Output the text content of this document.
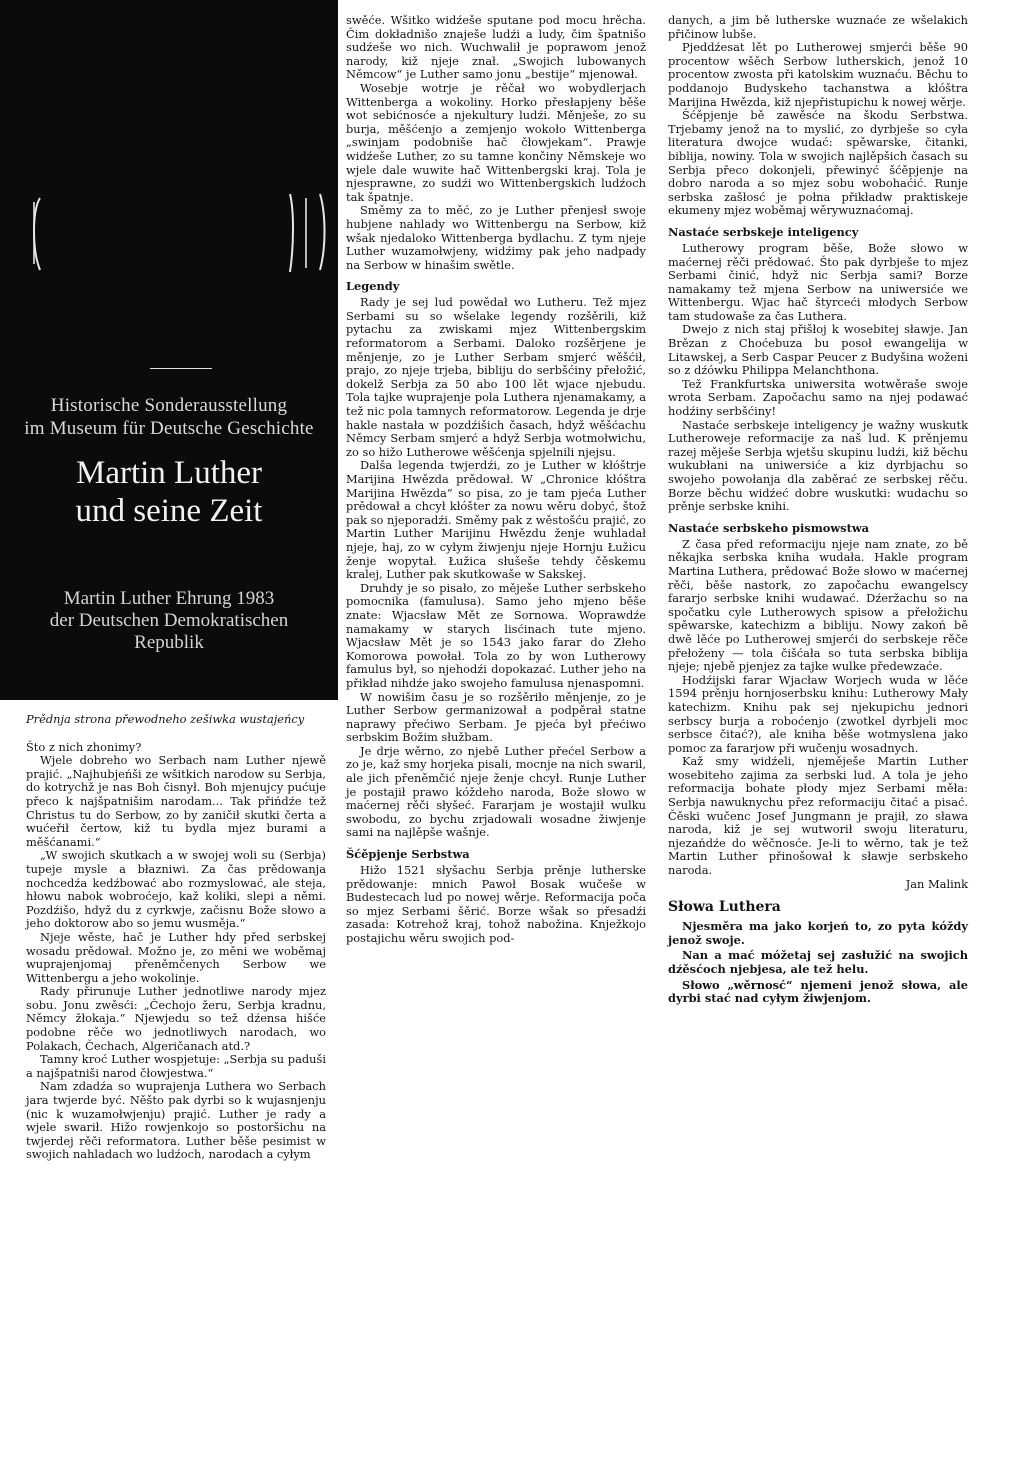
Historische Sonderausstellung
im Museum für Deutsche Geschichte
Martin Luther
und seine Zeit
Martin Luther Ehrung 1983
der Deutschen Demokratischen
Republik

Prědnja strona přewodneho zešiwka wustajeńcy

Što z nich zhonimy?

Wjele dobreho wo Serbach nam Luther njewě prajić. „Najhubjeńši ze wšitkich narodow su Serbja, do kotrychž je nas Boh čisnył. Boh mjenujcy pućuje přeco k najšpatnišim narodam... Tak přińdźe tež Christus tu do Serbow, zo by zaničił skutki čerta a wućeřił čertow, kiž tu bydla mjez burami a měšćanami.“

„W swojich skutkach a w swojej woli su (Serbja) tupeje mysle a błazniwi. Za čas prědowanja nochcedźa kedźbować abo rozmyslować, ale steja, hłowu nabok wobroćejo, kaž koliki, slepi a němi. Pozdźišo, hdyž du z cyrkwje, začisnu Bože słowo a jeho doktorow abo so jemu wusměja.“

Njeje wěste, hač je Luther hdy před serbskej wosadu prědował. Možno je, zo měni we woběmaj wuprajenjomaj přeněmčenych Serbow we Wittenbergu a jeho wokolinje.

Rady přirunuje Luther jednotliwe narody mjez sobu. Jonu zwěsći: „Čechojo žeru, Serbja kradnu, Němcy žłokaja.“ Njewjedu so tež dźensa hišće podobne rěče wo jednotliwych narodach, wo Polakach, Čechach, Algeričanach atd.?

Tamny kroć Luther wospjetuje: „Serbja su paduši a najšpatniši narod čłowjestwa.“

Nam zdadźa so wuprajenja Luthera wo Serbach jara twjerde być. Něšto pak dyrbi so k wujasnjenju (nic k wuzamołwjenju) prajić. Luther je rady a wjele swarił. Hižo rowjenkojo so postoršichu na twjerdej rěči reformatora. Luther běše pesimist w swojich nahladach wo ludźoch, narodach a cyłym

swěće. Wšitko widźeše sputane pod mocu hrěcha. Čim dokładnišo znaješe ludźi a ludy, čim špatnišo sudźeše wo nich. Wuchwalił je poprawom jenož narody, kiž njeje znał. „Swojich lubowanych Němcow“ je Luther samo jonu „bestije“ mjenował.

Wosebje wotrje je rěčał wo wobydlerjach Wittenberga a wokoliny. Horko přesłapjeny běše wot sebićnosće a njekultury ludźi. Měnješe, zo su burja, měšćenjo a zemjenjo wokoło Wittenberga „swinjam podobniše hač čłowjekam“. Prawje widźeše Luther, zo su tamne končiny Němskeje wo wjele dale wuwite hač Wittenbergski kraj. Tola je njesprawne, zo sudźi wo Wittenbergskich ludźoch tak špatnje.

Směmy za to měć, zo je Luther přenjesł swoje hubjene nahlady wo Wittenbergu na Serbow, kiž wšak njedaloko Wittenberga bydlachu. Z tym njeje Luther wuzamołwjeny, widźimy pak jeho nadpady na Serbow w hinašim swětle.

Legendy

Rady je sej lud powědał wo Lutheru. Tež mjez Serbami su so wšelake legendy rozšěrili, kiž pytachu za zwiskami mjez Wittenbergskim reformatorom a Serbami. Daloko rozšěrjene je měnjenje, zo je Luther Serbam smjerć wěšćił, prajo, zo njeje trjeba, bibliju do serbšćiny přełožić, dokelž Serbja za 50 abo 100 lět wjace njebudu. Tola tajke wuprajenje pola Luthera njenamakamy, a tež nic pola tamnych reformatorow. Legenda je drje hakle nastała w pozdźišich časach, hdyž wěšćachu Němcy Serbam smjerć a hdyž Serbja wotmołwichu, zo so hižo Lutherowe wěšćenja spjelnili njejsu.

Dalša legenda twjerdźi, zo je Luther w kłóštrje Marijina Hwězda prědował. W „Chronice kłóštra Marijina Hwězda“ so pisa, zo je tam pjeća Luther prědował a chcył kłóšter za nowu wěru dobyć, štož pak so njeporadźi. Směmy pak z wěstošću prajić, zo Martin Luther Marijinu Hwězdu ženje wuhladał njeje, haj, zo w cyłym žiwjenju njeje Hornju Łužicu ženje wopytał. Łužica słušeše tehdy čěskemu kralej, Luther pak skutkowaše w Sakskej.

Druhdy je so pisało, zo měješe Luther serbskeho pomocnika (famulusa). Samo jeho mjeno běše znate: Wjacsław Mět ze Sornowa. Woprawdźe namakamy w starych lisćinach tute mjeno. Wjacsław Mět je so 1543 jako farar do Złeho Komorowa powołał. Tola zo by won Lutherowy famulus był, so njehodźi dopokazać. Luther jeho na přikład nihdźe jako swojeho famulusa njenaspomni.

W nowišim času je so rozšěriło měnjenje, zo je Luther Serbow germanizował a podpěrał statne naprawy přećiwo Serbam. Je pjeća był přećiwo serbskim Božim słužbam.

Je drje wěrno, zo njebě Luther přećel Serbow a zo je, kaž smy horjeka pisali, mocnje na nich swaril, ale jich přeněmčić njeje ženje chcył. Runje Luther je postajił prawo kóždeho naroda, Bože słowo w maćernej rěči słyšeć. Fararjam je wostajił wulku swobodu, zo bychu zrjadowali wosadne žiwjenje sami na najlěpše wašnje.

Šćěpjenje Serbstwa

Hižo 1521 słyšachu Serbja prěnje lutherske prědowanje: mnich Pawoł Bosak wučeše w Budestecach lud po nowej wěrje. Reformacija poča so mjez Serbami šěrić. Borze wšak so přesadźi zasada: Kotrehož kraj, tohož nabožina. Knježkojo postajichu wěru swojich pod-

danych, a jim bě lutherske wuznaće ze wšelakich přičinow lubše.

Pjeddźesat lět po Lutherowej smjerći běše 90 procentow wšěch Serbow lutherskich, jenož 10 procentow zwosta při katolskim wuznaću. Běchu to poddanojo Budyskeho tachanstwa a kłóštra Marijina Hwězda, kiž njepřistupichu k nowej wěrje.

Šćěpjenje bě zawěsće na škodu Serbstwa. Trjebamy jenož na to myslić, zo dyrbješe so cyła literatura dwojce wudać: spěwarske, čitanki, biblija, nowiny. Tola w swojich najlěpšich časach su Serbja přeco dokonjeli, přewinyć šćěpjenje na dobro naroda a so mjez sobu wobohaćić. Runje serbska zašłosć je połna přikładw praktiskeje ekumeny mjez woběmaj wěrywuznaćomaj.

Nastaće serbskeje inteligency

Lutherowy program běše, Bože słowo w maćernej rěči prědować. Što pak dyrbješe to mjez Serbami činić, hdyž nic Serbja sami? Borze namakamy tež mjena Serbow na uniwersiće we Wittenbergu. Wjac hač štyrceći młodych Serbow tam studowaše za čas Luthera.

Dwejo z nich staj přišłoj k wosebitej sławje. Jan Brězan z Choćebuza bu posoł ewangelija w Litawskej, a Serb Caspar Peucer z Budyšina woženi so z dźówku Philippa Melanchthona.

Tež Frankfurtska uniwersita wotwěraše swoje wrota Serbam. Započachu samo na njej podawać hodźiny serbšćiny!

Nastaće serbskeje inteligency je wažny wuskutk Lutheroweje reformacije za naš lud. K prěnjemu razej měješe Serbja wjetšu skupinu ludźi, kiž běchu wukubłani na uniwersiće a kiz dyrbjachu so swojeho powołanja dla zaběrać ze serbskej rěču. Borze běchu widźeć dobre wuskutki: wudachu so prěnje serbske knihi.

Nastaće serbskeho pismowstwa

Z časa před reformaciju njeje nam znate, zo bě někajka serbska kniha wudała. Hakle program Martina Lutherа, prědować Bože słowo w maćernej rěči, běše nastork, zo započachu ewangelscy fararjo serbske knihi wudawać. Dźeržachu so na spočatku cyle Lutherowych spisow a přełožichu spěwarske, katechizm a bibliju. Nowy zakoń bě dwě lěće po Lutherowej smjerći do serbskeje rěče přełoženy — tola čišćała so tuta serbska biblija njeje; njebě pjenjez za tajke wulke předewzaće.

Hodźijski farar Wjacław Worjech wuda w lěće 1594 prěnju hornjoserbsku knihu: Lutherowy Mały katechizm. Knihu pak sej njekupichu jednori serbscy burja a roboćenjo (zwotkel dyrbjeli moc serbsce čitać?), ale kniha běše wotmyslena jako pomoc za fararjow při wučenju wosadnych.

Kaž smy widźeli, njeměješe Martin Luther wosebiteho zajima za serbski lud. A tola je jeho reformacija bohate płody mjez Serbami měła: Serbja nawuknychu přez reformaciju čitać a pisać. Čěski wučenc Josef Jungmann je prajił, zo sława naroda, kiž je sej wutworił swoju literaturu, njezańdźe do wěčnosće. Je-li to wěrno, tak je tež Martin Luther přinošował k sławje serbskeho naroda.

Jan Malink

Słowa Luthera

Njesměra ma jako korjeń to, zo pyta kóždy jenož swoje.

Nan a mać móžetaj sej zasłužić na swojich dźěsćoch njebjesa, ale tež helu.

Słowo „wěrnosć“ njemeni jenož słowa, ale dyrbi stać nad cyłym žiwjenjom.
